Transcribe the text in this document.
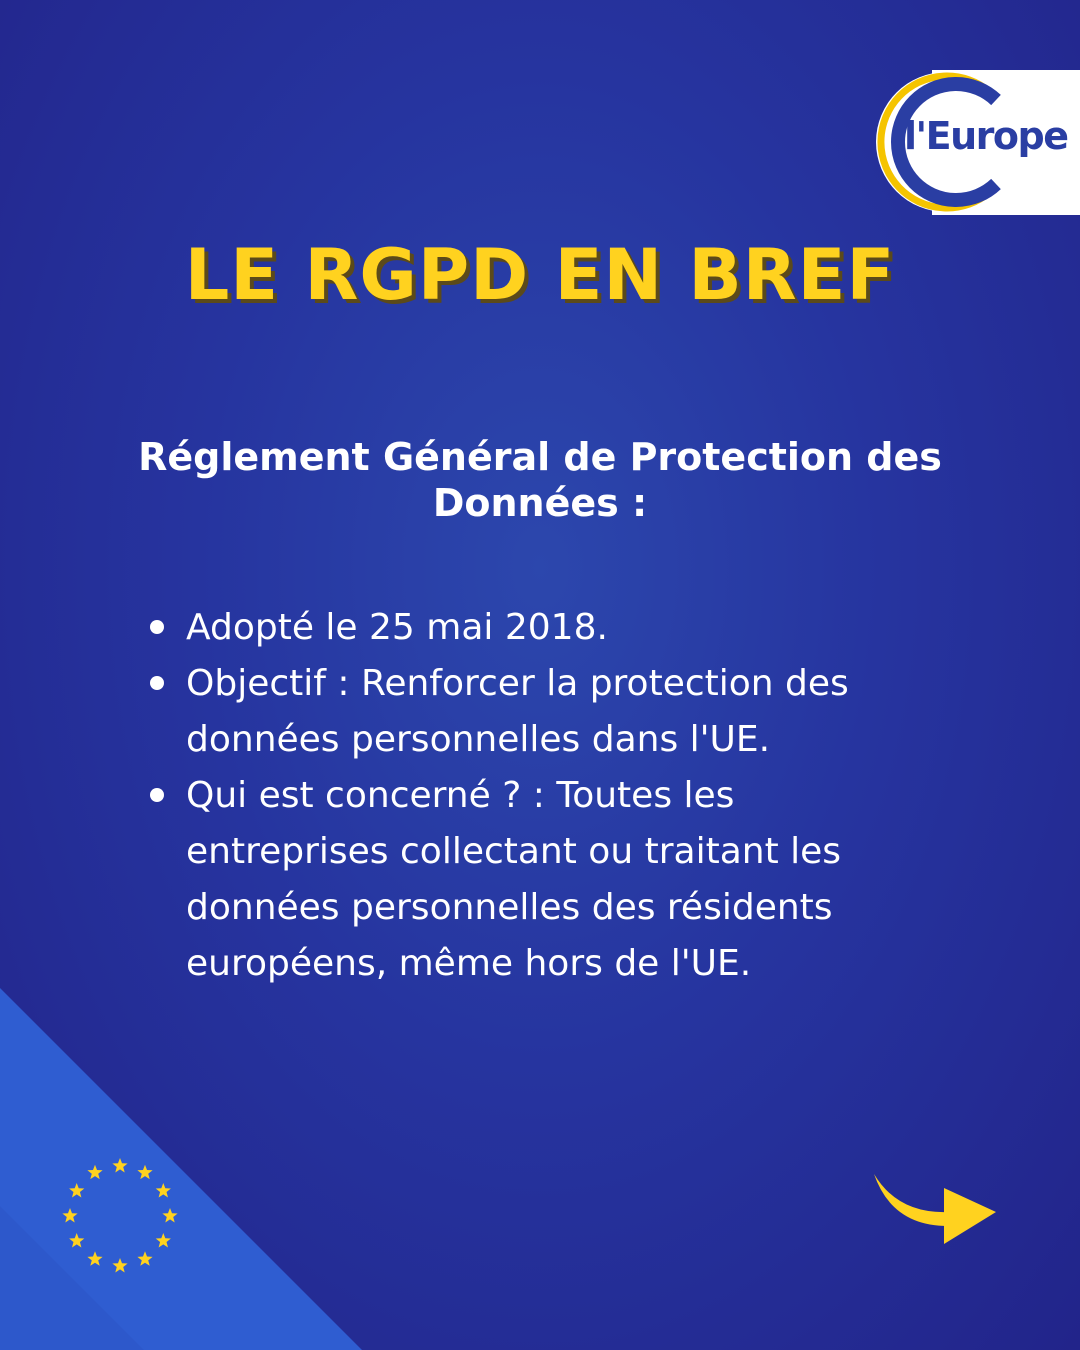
l'Europe
LE RGPD EN BREF
Réglement Général de Protection des
Données :
Adopté le 25 mai 2018.
Objectif : Renforcer la protection des données personnelles dans l'UE.
Qui est concerné ? : Toutes les entreprises collectant ou traitant les données personnelles des résidents européens, même hors de l'UE.
